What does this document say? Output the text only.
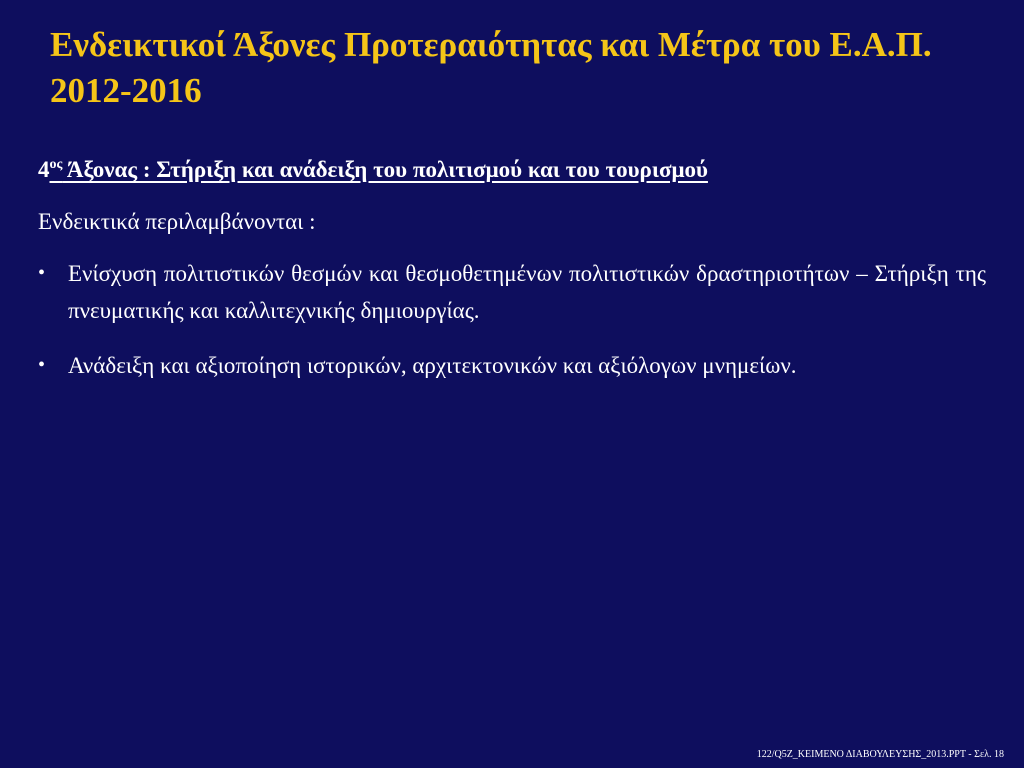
Ενδεικτικοί Άξονες Προτεραιότητας και Μέτρα του Ε.Α.Π. 2012-2016

$4^{o\varsigma}$ Άξονας : Στήριξη και ανάδειξη του πολιτισμού και του τουρισμού

Ενδεικτικά περιλαμβάνονται :

• Ενίσχυση πολιτιστικών θεσμών και θεσμοθετημένων πολιτιστικών δραστηριοτήτων – Στήριξη της πνευματικής και καλλιτεχνικής δημιουργίας.
• Ανάδειξη και αξιοποίηση ιστορικών, αρχιτεκτονικών και αξιόλογων μνημείων.
122/Q5Z_ΚΕΙΜΕΝΟ ΔΙΑΒΟΥΛΕΥΣΗΣ_2013.PPT - Σελ. 18
